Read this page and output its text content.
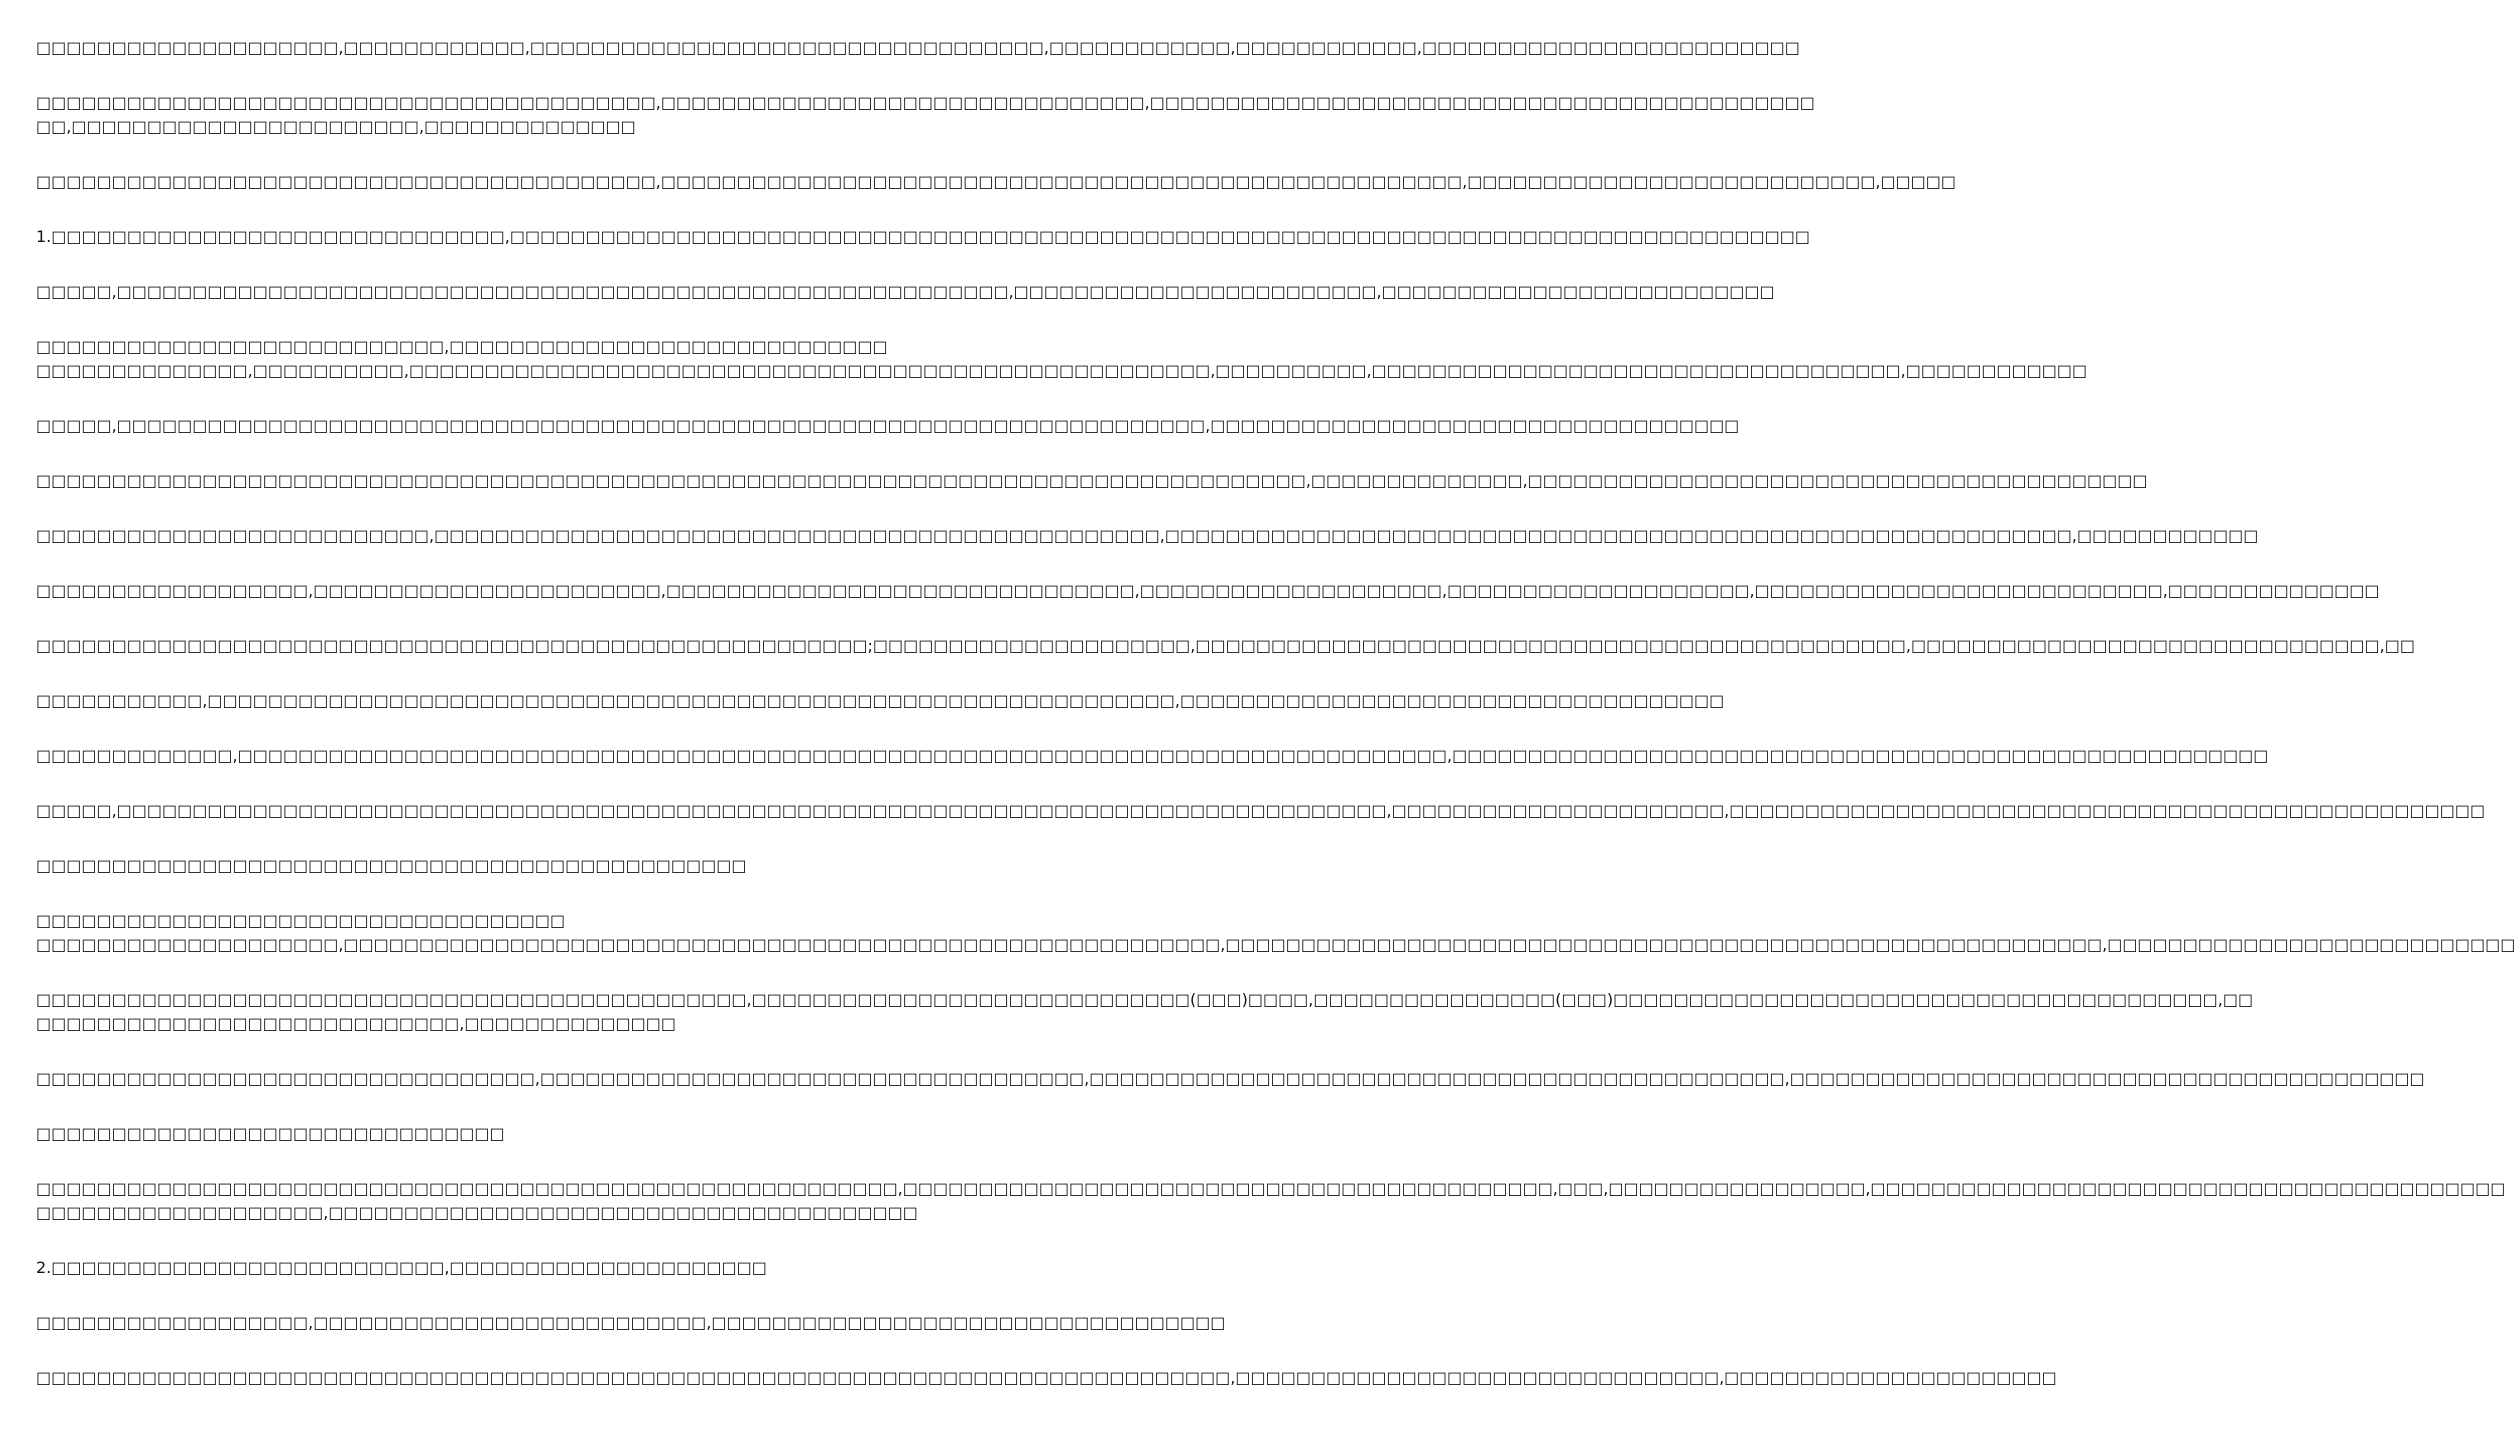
□□□□□□□□□□□□□□□□□□□□,□□□□□□□□□□□□,□□□□□□□□□□□□□□□□□□□□□□□□□□□□□□□□□□,□□□□□□□□□□□□,□□□□□□□□□□□□,□□□□□□□□□□□□□□□□□□□□□□□□□

□□□□□□□□□□□□□□□□□□□□□□□□□□□□□□□□□□□□□□□□□,□□□□□□□□□□□□□□□□□□□□□□□□□□□□□□□□,□□□□□□□□□□□□□□□□□□□□□□□□□□□□□□□□□□□□□□□□□□□□
□□,□□□□□□□□□□□□□□□□□□□□□□□,□□□□□□□□□□□□□□

□□□□□□□□□□□□□□□□□□□□□□□□□□□□□□□□□□□□□□□□□,□□□□□□□□□□□□□□□□□□□□□□□□□□□□□□□□□□□□□□□□□□□□□□□□□□□□□,□□□□□□□□□□□□□□□□□□□□□□□□□□□,□□□□□

1.□□□□□□□□□□□□□□□□□□□□□□□□□□□□□□,□□□□□□□□□□□□□□□□□□□□□□□□□□□□□□□□□□□□□□□□□□□□□□□□□□□□□□□□□□□□□□□□□□□□□□□□□□□□□□□□□□□□□□

□□□□□,□□□□□□□□□□□□□□□□□□□□□□□□□□□□□□□□□□□□□□□□□□□□□□□□□□□□□□□□□□□,□□□□□□□□□□□□□□□□□□□□□□□□,□□□□□□□□□□□□□□□□□□□□□□□□□□

□□□□□□□□□□□□□□□□□□□□□□□□□□□,□□□□□□□□□□□□□□□□□□□□□□□□□□□□□
□□□□□□□□□□□□□□,□□□□□□□□□□,□□□□□□□□□□□□□□□□□□□□□□□□□□□□□□□□□□□□□□□□□□□□□□□□□□□□□,□□□□□□□□□□,□□□□□□□□□□□□□□□□□□□□□□□□□□□□□□□□□□□,□□□□□□□□□□□□

□□□□□,□□□□□□□□□□□□□□□□□□□□□□□□□□□□□□□□□□□□□□□□□□□□□□□□□□□□□□□□□□□□□□□□□□□□□□□□,□□□□□□□□□□□□□□□□□□□□□□□□□□□□□□□□□□□

□□□□□□□□□□□□□□□□□□□□□□□□□□□□□□□□□□□□□□□□□□□□□□□□□□□□□□□□□□□□□□□□□□□□□□□□□□□□□□□□□□□□,□□□□□□□□□□□□□□,□□□□□□□□□□□□□□□□□□□□□□□□□□□□□□□□□□□□□□□□□

□□□□□□□□□□□□□□□□□□□□□□□□□□,□□□□□□□□□□□□□□□□□□□□□□□□□□□□□□□□□□□□□□□□□□□□□□□□,□□□□□□□□□□□□□□□□□□□□□□□□□□□□□□□□□□□□□□□□□□□□□□□□□□□□□□□□□□□□,□□□□□□□□□□□□

□□□□□□□□□□□□□□□□□□,□□□□□□□□□□□□□□□□□□□□□□□,□□□□□□□□□□□□□□□□□□□□□□□□□□□□□□□,□□□□□□□□□□□□□□□□□□□□,□□□□□□□□□□□□□□□□□□□□,□□□□□□□□□□□□□□□□□□□□□□□□□□□,□□□□□□□□□□□□□□

□□□□□□□□□□□□□□□□□□□□□□□□□□□□□□□□□□□□□□□□□□□□□□□□□□□□□□□;□□□□□□□□□□□□□□□□□□□□□,□□□□□□□□□□□□□□□□□□□□□□□□□□□□□□□□□□□□□□□□□□□□□□□,□□□□□□□□□□□□□□□□□□□□□□□□□□□□□□□,□□

□□□□□□□□□□□,□□□□□□□□□□□□□□□□□□□□□□□□□□□□□□□□□□□□□□□□□□□□□□□□□□□□□□□□□□□□□□□□,□□□□□□□□□□□□□□□□□□□□□□□□□□□□□□□□□□□□

□□□□□□□□□□□□□,□□□□□□□□□□□□□□□□□□□□□□□□□□□□□□□□□□□□□□□□□□□□□□□□□□□□□□□□□□□□□□□□□□□□□□□□□□□□□□□□,□□□□□□□□□□□□□□□□□□□□□□□□□□□□□□□□□□□□□□□□□□□□□□□□□□□□□□

□□□□□,□□□□□□□□□□□□□□□□□□□□□□□□□□□□□□□□□□□□□□□□□□□□□□□□□□□□□□□□□□□□□□□□□□□□□□□□□□□□□□□□□□□□,□□□□□□□□□□□□□□□□□□□□□□,□□□□□□□□□□□□□□□□□□□□□□□□□□□□□□□□□□□□□□□□□□□□□□□□□□

□□□□□□□□□□□□□□□□□□□□□□□□□□□□□□□□□□□□□□□□□□□□□□□

□□□□□□□□□□□□□□□□□□□□□□□□□□□□□□□□□□□
□□□□□□□□□□□□□□□□□□□□,□□□□□□□□□□□□□□□□□□□□□□□□□□□□□□□□□□□□□□□□□□□□□□□□□□□□□□□□□□,□□□□□□□□□□□□□□□□□□□□□□□□□□□□□□□□□□□□□□□□□□□□□□□□□□□□□□□□□□,□□□□□□□□□□□□□□□□□□□□□□□□□□□

□□□□□□□□□□□□□□□□□□□□□□□□□□□□□□□□□□□□□□□□□□□□□□□,□□□□□□□□□□□□□□□□□□□□□□□□□□□□□(□□□)□□□□,□□□□□□□□□□□□□□□□(□□□)□□□□□□□□□□□□□□□□□□□□□□□□□□□□□□□□□□□□□□□□,□□
□□□□□□□□□□□□□□□□□□□□□□□□□□□□,□□□□□□□□□□□□□□

□□□□□□□□□□□□□□□□□□□□□□□□□□□□□□□□□,□□□□□□□□□□□□□□□□□□□□□□□□□□□□□□□□□□□□,□□□□□□□□□□□□□□□□□□□□□□□□□□□□□□□□□□□□□□□□□□□□□□,□□□□□□□□□□□□□□□□□□□□□□□□□□□□□□□□□□□□□□□□□□

□□□□□□□□□□□□□□□□□□□□□□□□□□□□□□□

□□□□□□□□□□□□□□□□□□□□□□□□□□□□□□□□□□□□□□□□□□□□□□□□□□□□□□□□□,□□□□□□□□□□□□□□□□□□□□□□□□□□□□□□□□□□□□□□□□□□□,□□□,□□□□□□□□□□□□□□□□□,□□□□□□□□□□□□□□□□□□□□□□□□□□□□□□□□□□□□□□□□□□
□□□□□□□□□□□□□□□□□□□,□□□□□□□□□□□□□□□□□□□□□□□□□□□□□□□□□□□□□□□

2.□□□□□□□□□□□□□□□□□□□□□□□□□□,□□□□□□□□□□□□□□□□□□□□□

□□□□□□□□□□□□□□□□□□,□□□□□□□□□□□□□□□□□□□□□□□□□□,□□□□□□□□□□□□□□□□□□□□□□□□□□□□□□□□□□

□□□□□□□□□□□□□□□□□□□□□□□□□□□□□□□□□□□□□□□□□□□□□□□□□□□□□□□□□□□□□□□□□□□□□□□□□□□□□□□,□□□□□□□□□□□□□□□□□□□□□□□□□□□□□□□□,□□□□□□□□□□□□□□□□□□□□□□
